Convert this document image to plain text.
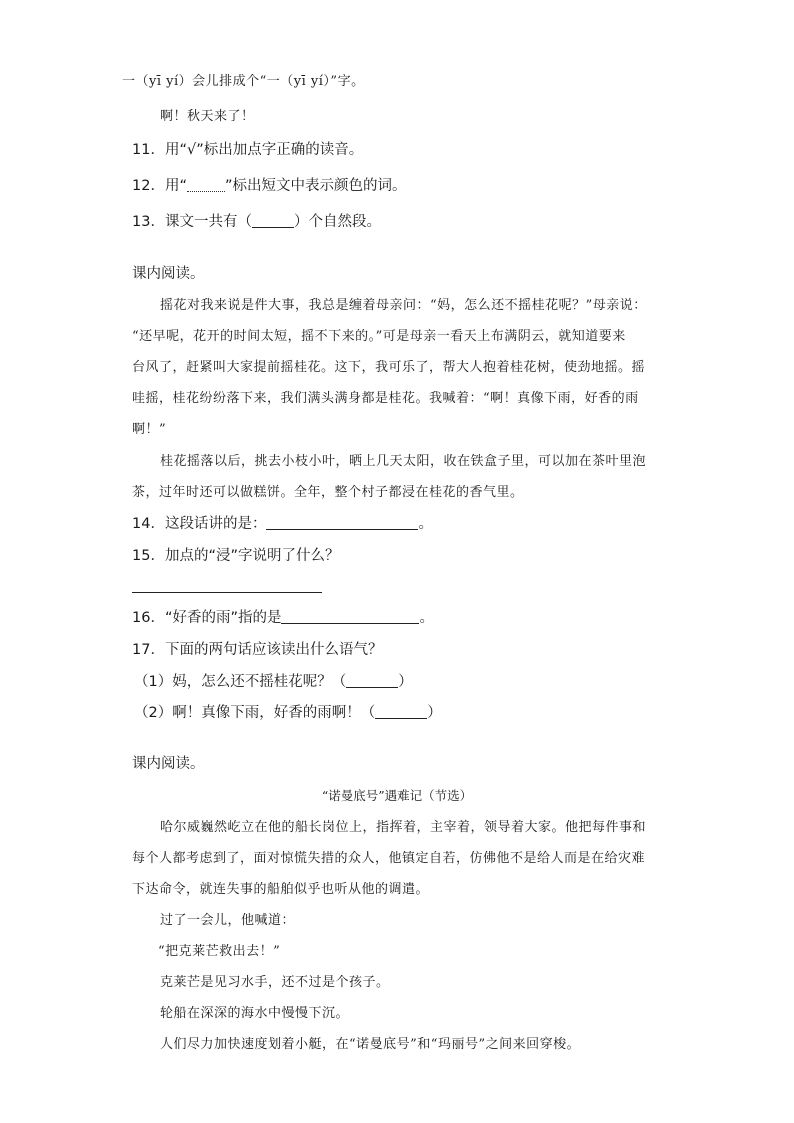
一（yī yí）会儿排成个“一（yī yí）”字。
啊！秋天来了！
11．用“√”标出加点字正确的读音。
12．用“	”标出短文中表示颜色的词。
13．课文一共有（	）个自然段。
课内阅读。
摇花对我来说是件大事，我总是缠着母亲问：“妈，怎么还不摇桂花呢？”母亲说：
“还早呢，花开的时间太短，摇不下来的。”可是母亲一看天上布满阴云，就知道要来
台风了，赶紧叫大家提前摇桂花。这下，我可乐了，帮大人抱着桂花树，使劲地摇。摇
哇摇，桂花纷纷落下来，我们满头满身都是桂花。我喊着：“啊！真像下雨，好香的雨
啊！”
桂花摇落以后，挑去小枝小叶，晒上几天太阳，收在铁盒子里，可以加在茶叶里泡
茶，过年时还可以做糕饼。全年，整个村子都浸在桂花的香气里。
14．这段话讲的是：	。
15．加点的“浸”字说明了什么？
16．“好香的雨”指的是	。
17．下面的两句话应该读出什么语气？
（1）妈，怎么还不摇桂花呢？（	）
（2）啊！真像下雨，好香的雨啊！（	）
课内阅读。
“诺曼底号”遇难记（节选）
哈尔威巍然屹立在他的船长岗位上，指挥着，主宰着，领导着大家。他把每件事和
每个人都考虑到了，面对惊慌失措的众人，他镇定自若，仿佛他不是给人而是在给灾难
下达命令，就连失事的船舶似乎也听从他的调遣。
过了一会儿，他喊道：
“把克莱芒救出去！”
克莱芒是见习水手，还不过是个孩子。
轮船在深深的海水中慢慢下沉。
人们尽力加快速度划着小艇，在“诺曼底号”和“玛丽号”之间来回穿梭。
